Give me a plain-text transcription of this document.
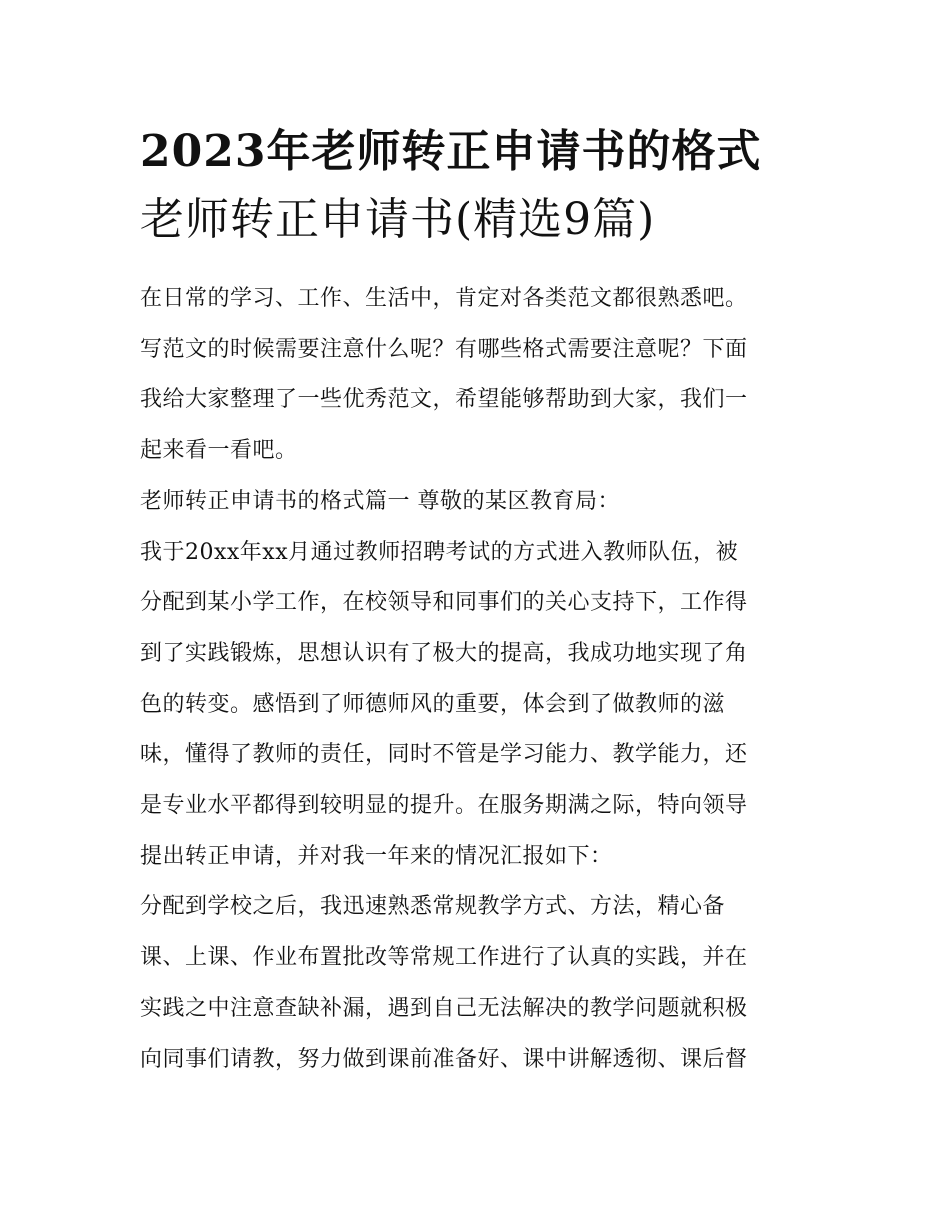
2023年老师转正申请书的格式
老师转正申请书(精选9篇)
在日常的学习、工作、生活中，肯定对各类范文都很熟悉吧。
写范文的时候需要注意什么呢？有哪些格式需要注意呢？下面
我给大家整理了一些优秀范文，希望能够帮助到大家，我们一
起来看一看吧。
老师转正申请书的格式篇一 尊敬的某区教育局：
我于20xx年xx月通过教师招聘考试的方式进入教师队伍，被
分配到某小学工作，在校领导和同事们的关心支持下，工作得
到了实践锻炼，思想认识有了极大的提高，我成功地实现了角
色的转变。感悟到了师德师风的重要，体会到了做教师的滋
味，懂得了教师的责任，同时不管是学习能力、教学能力，还
是专业水平都得到较明显的提升。在服务期满之际，特向领导
提出转正申请，并对我一年来的情况汇报如下：
分配到学校之后，我迅速熟悉常规教学方式、方法，精心备
课、上课、作业布置批改等常规工作进行了认真的实践，并在
实践之中注意查缺补漏，遇到自己无法解决的教学问题就积极
向同事们请教，努力做到课前准备好、课中讲解透彻、课后督
